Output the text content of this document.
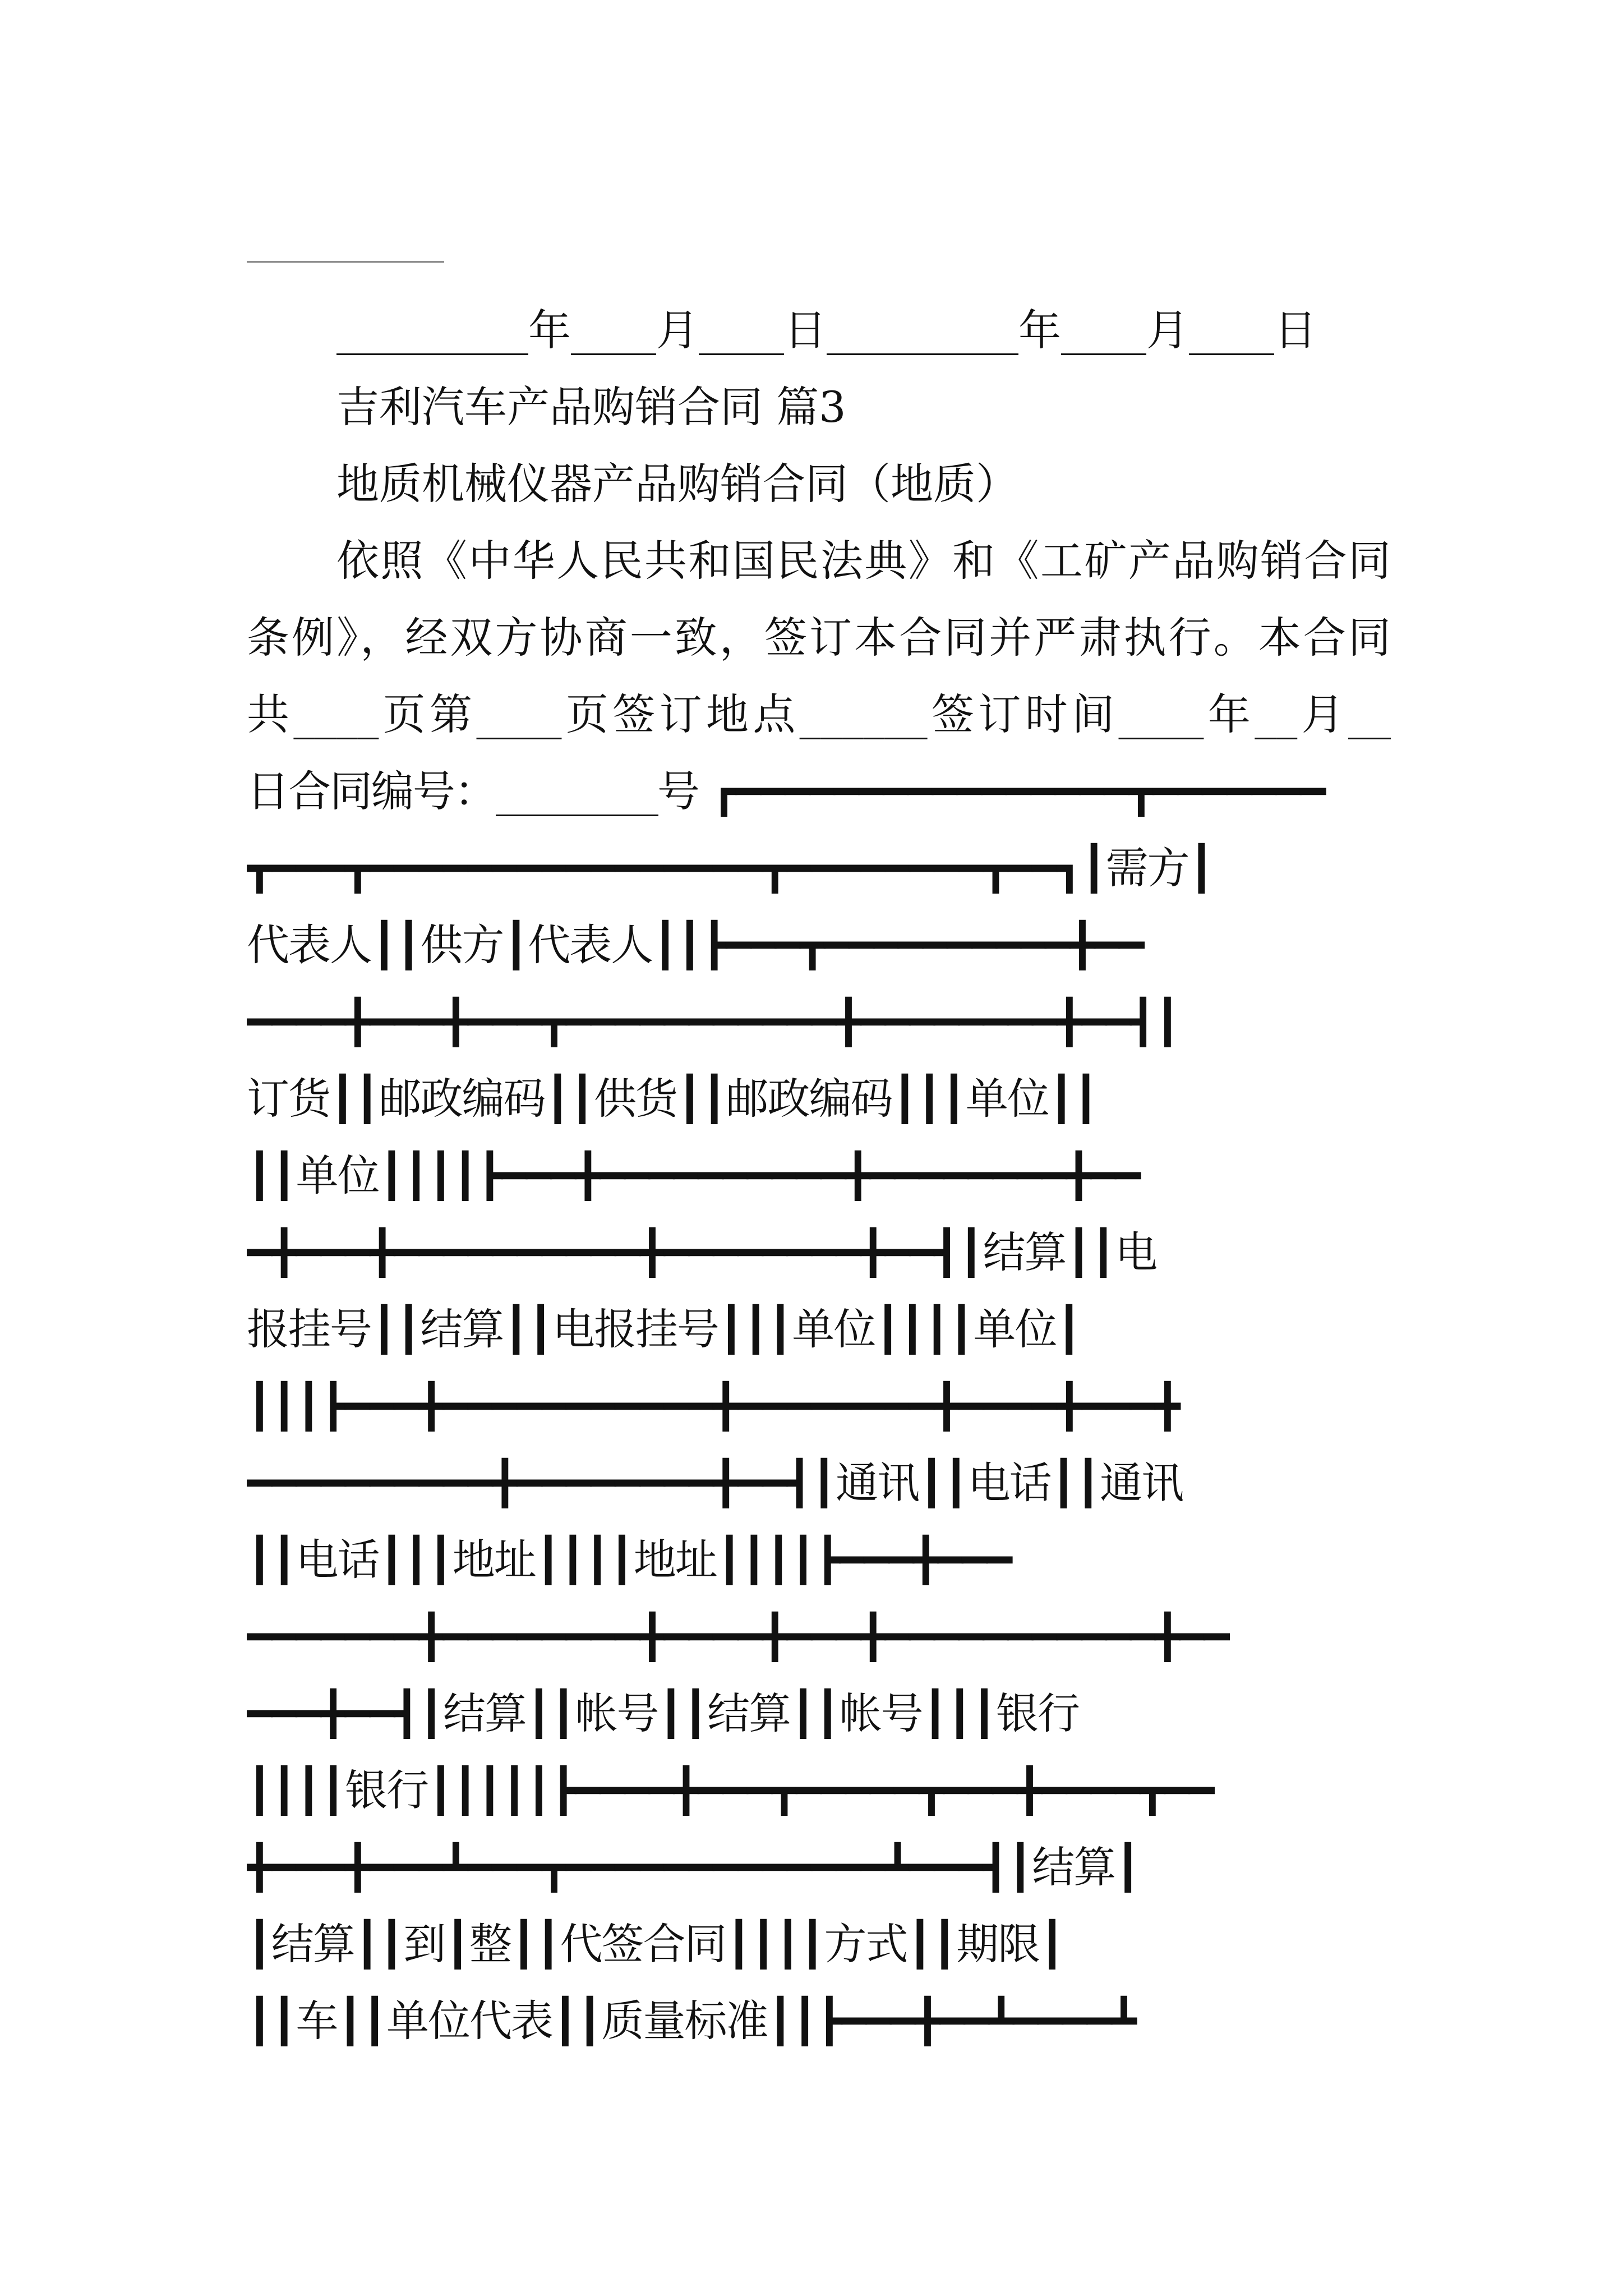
_________年____月____日_________年____月____日
吉利汽车产品购销合同 篇3
地质机械仪器产品购销合同（地质）
依照《中华人民共和国民法典》和《工矿产品购销合同
条例》，经双方协商一致，签订本合同并严肃执行。本合同
共____页第____页签订地点______签订时间____年__月__
日合同编号：________号 ┏━━━━━━━━━━━━━━━━┳━━━━━━━
┳━━━┳━━━━━━━━━━━━━━━━┳━━━━━━━━┳━━┓┃需方┃
代表人┃┃供方┃代表人┃┃┣━━━┳━━━━━━━━━━╋━━
━━━━╋━━━╋━━━┳━━━━━━━━━━━╋━━━━━━━━╋━━┫┃
订货┃┃邮政编码┃┃供货┃┃邮政编码┃┃┃单位┃┃
┃┃单位┃┃┃┃┣━━━╋━━━━━━━━━━╋━━━━━━━━╋━━
━╋━━━╋━━━━━━━━━━╋━━━━━━━━╋━━┫┃结算┃┃电
报挂号┃┃结算┃┃电报挂号┃┃┃单位┃┃┃┃单位┃
┃┃┃┣━━━╋━━━━━━━━━━━╋━━━━━━━━╋━━━━╋━━━╋
━━━━━━━━━━╋━━━━━━━━╋━━┫┃通讯┃┃电话┃┃通讯
┃┃电话┃┃┃地址┃┃┃┃地址┃┃┃┃┣━━━╋━━━
━━━━━━━╋━━━━━━━━╋━━━━╋━━━╋━━━━━━━━━━━╋━━
━━━╋━━┫┃结算┃┃帐号┃┃结算┃┃帐号┃┃┃银行
┃┃┃┃银行┃┃┃┃┃┣━━━━╋━━━┳━━━━━┳━━━╋━━━━┳━━
╋━━━╋━━━┻━━━┳━━━━━━━━━━━━━┻━━━┫┃结算┃
┃结算┃┃到┃整┃┃代签合同┃┃┃┃方式┃┃期限┃
┃┃车┃┃单位代表┃┃质量标准┃┃┣━━━╋━━┻━━━━┻
